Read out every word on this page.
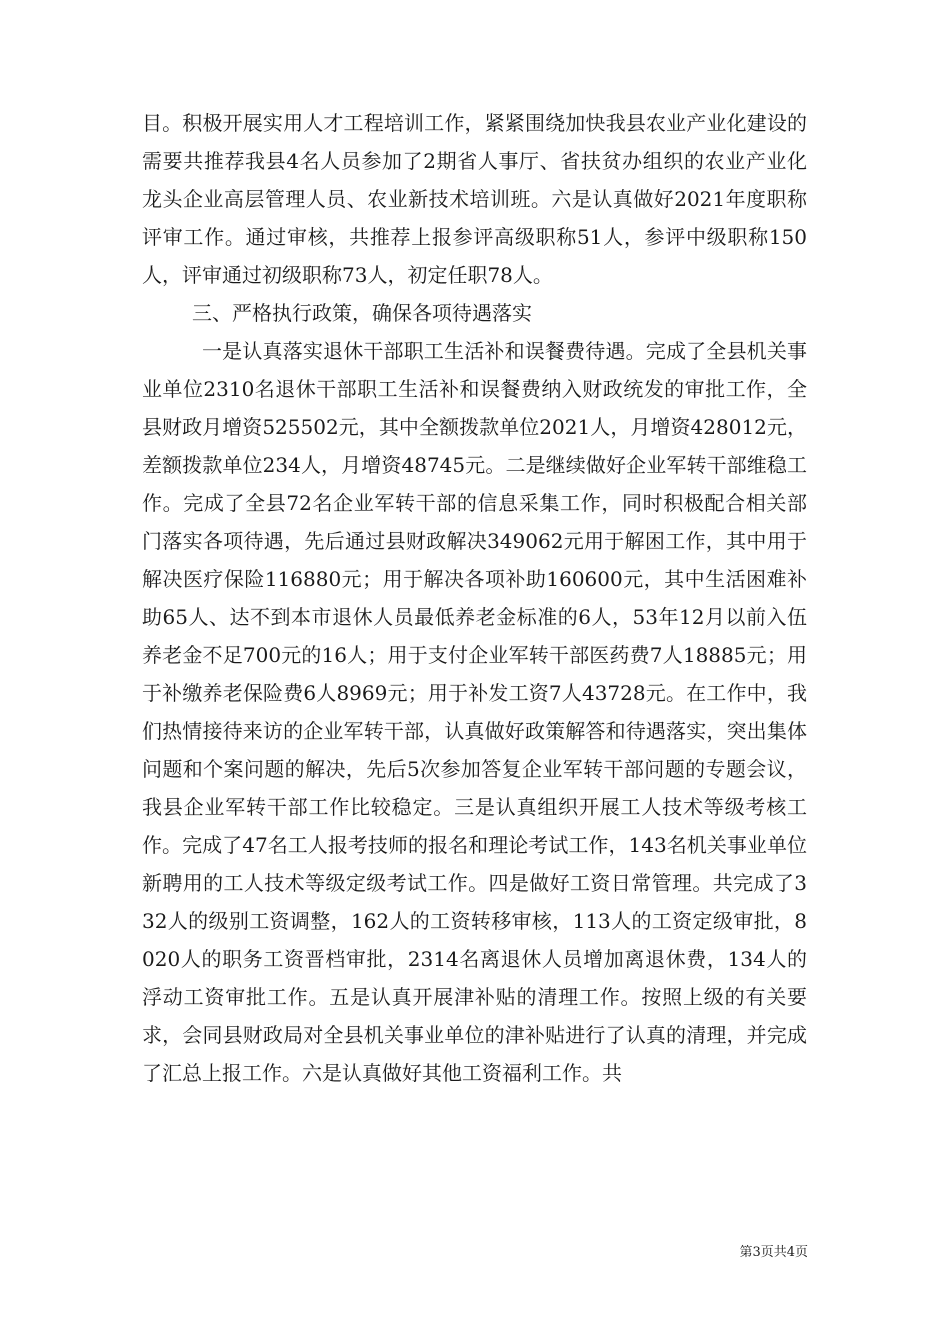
目。积极开展实用人才工程培训工作，紧紧围绕加快我县农业产业化建设的需要共推荐我县4名人员参加了2期省人事厅、省扶贫办组织的农业产业化龙头企业高层管理人员、农业新技术培训班。六是认真做好2021年度职称评审工作。通过审核，共推荐上报参评高级职称51人，参评中级职称150人，评审通过初级职称73人，初定任职78人。

三、严格执行政策，确保各项待遇落实

一是认真落实退休干部职工生活补和误餐费待遇。完成了全县机关事业单位2310名退休干部职工生活补和误餐费纳入财政统发的审批工作，全县财政月增资525502元，其中全额拨款单位2021人，月增资428012元，差额拨款单位234人，月增资48745元。二是继续做好企业军转干部维稳工作。完成了全县72名企业军转干部的信息采集工作，同时积极配合相关部门落实各项待遇，先后通过县财政解决349062元用于解困工作，其中用于解决医疗保险116880元；用于解决各项补助160600元，其中生活困难补助65人、达不到本市退休人员最低养老金标准的6人，53年12月以前入伍养老金不足700元的16人；用于支付企业军转干部医药费7人18885元；用于补缴养老保险费6人8969元；用于补发工资7人43728元。在工作中，我们热情接待来访的企业军转干部，认真做好政策解答和待遇落实，突出集体问题和个案问题的解决，先后5次参加答复企业军转干部问题的专题会议，我县企业军转干部工作比较稳定。三是认真组织开展工人技术等级考核工作。完成了47名工人报考技师的报名和理论考试工作，143名机关事业单位新聘用的工人技术等级定级考试工作。四是做好工资日常管理。共完成了332人的级别工资调整，162人的工资转移审核，113人的工资定级审批，8020人的职务工资晋档审批，2314名离退休人员增加离退休费，134人的浮动工资审批工作。五是认真开展津补贴的清理工作。按照上级的有关要求，会同县财政局对全县机关事业单位的津补贴进行了认真的清理，并完成了汇总上报工作。六是认真做好其他工资福利工作。共

第3页共4页
